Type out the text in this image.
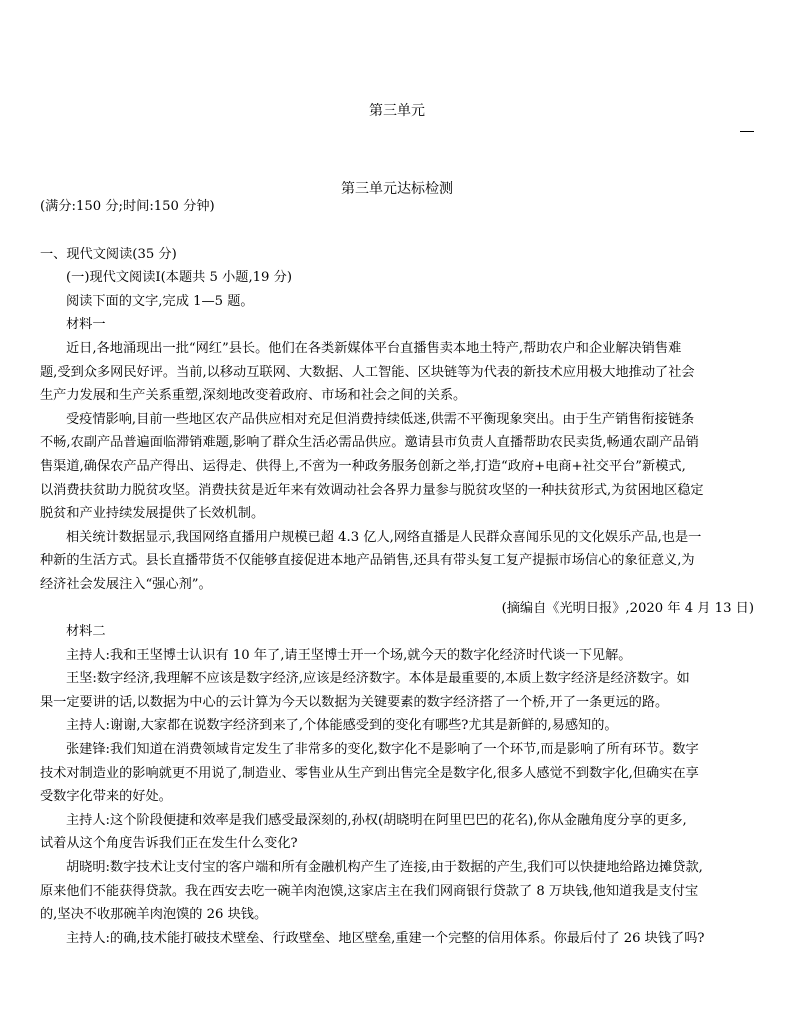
第三单元
第三单元达标检测
(满分:150 分;时间:150 分钟)
一、现代文阅读(35 分)
(一)现代文阅读Ⅰ(本题共 5 小题,19 分)
阅读下面的文字,完成 1—5 题。
材料一
近日,各地涌现出一批“网红”县长。他们在各类新媒体平台直播售卖本地土特产,帮助农户和企业解决销售难
题,受到众多网民好评。当前,以移动互联网、大数据、人工智能、区块链等为代表的新技术应用极大地推动了社会
生产力发展和生产关系重塑,深刻地改变着政府、市场和社会之间的关系。
受疫情影响,目前一些地区农产品供应相对充足但消费持续低迷,供需不平衡现象突出。由于生产销售衔接链条
不畅,农副产品普遍面临滞销难题,影响了群众生活必需品供应。邀请县市负责人直播帮助农民卖货,畅通农副产品销
售渠道,确保农产品产得出、运得走、供得上,不啻为一种政务服务创新之举,打造“政府+电商+社交平台”新模式,
以消费扶贫助力脱贫攻坚。消费扶贫是近年来有效调动社会各界力量参与脱贫攻坚的一种扶贫形式,为贫困地区稳定
脱贫和产业持续发展提供了长效机制。
相关统计数据显示,我国网络直播用户规模已超 4.3 亿人,网络直播是人民群众喜闻乐见的文化娱乐产品,也是一
种新的生活方式。县长直播带货不仅能够直接促进本地产品销售,还具有带头复工复产提振市场信心的象征意义,为
经济社会发展注入“强心剂”。
(摘编自《光明日报》,2020 年 4 月 13 日)
材料二
主持人:我和王坚博士认识有 10 年了,请王坚博士开一个场,就今天的数字化经济时代谈一下见解。
王坚:数字经济,我理解不应该是数字经济,应该是经济数字。本体是最重要的,本质上数字经济是经济数字。如
果一定要讲的话,以数据为中心的云计算为今天以数据为关键要素的数字经济搭了一个桥,开了一条更远的路。
主持人:谢谢,大家都在说数字经济到来了,个体能感受到的变化有哪些?尤其是新鲜的,易感知的。
张建锋:我们知道在消费领域肯定发生了非常多的变化,数字化不是影响了一个环节,而是影响了所有环节。数字
技术对制造业的影响就更不用说了,制造业、零售业从生产到出售完全是数字化,很多人感觉不到数字化,但确实在享
受数字化带来的好处。
主持人:这个阶段便捷和效率是我们感受最深刻的,孙权(胡晓明在阿里巴巴的花名),你从金融角度分享的更多,
试着从这个角度告诉我们正在发生什么变化?
胡晓明:数字技术让支付宝的客户端和所有金融机构产生了连接,由于数据的产生,我们可以快捷地给路边摊贷款,
原来他们不能获得贷款。我在西安去吃一碗羊肉泡馍,这家店主在我们网商银行贷款了 8 万块钱,他知道我是支付宝
的,坚决不收那碗羊肉泡馍的 26 块钱。
主持人:的确,技术能打破技术壁垒、行政壁垒、地区壁垒,重建一个完整的信用体系。你最后付了 26 块钱了吗?
